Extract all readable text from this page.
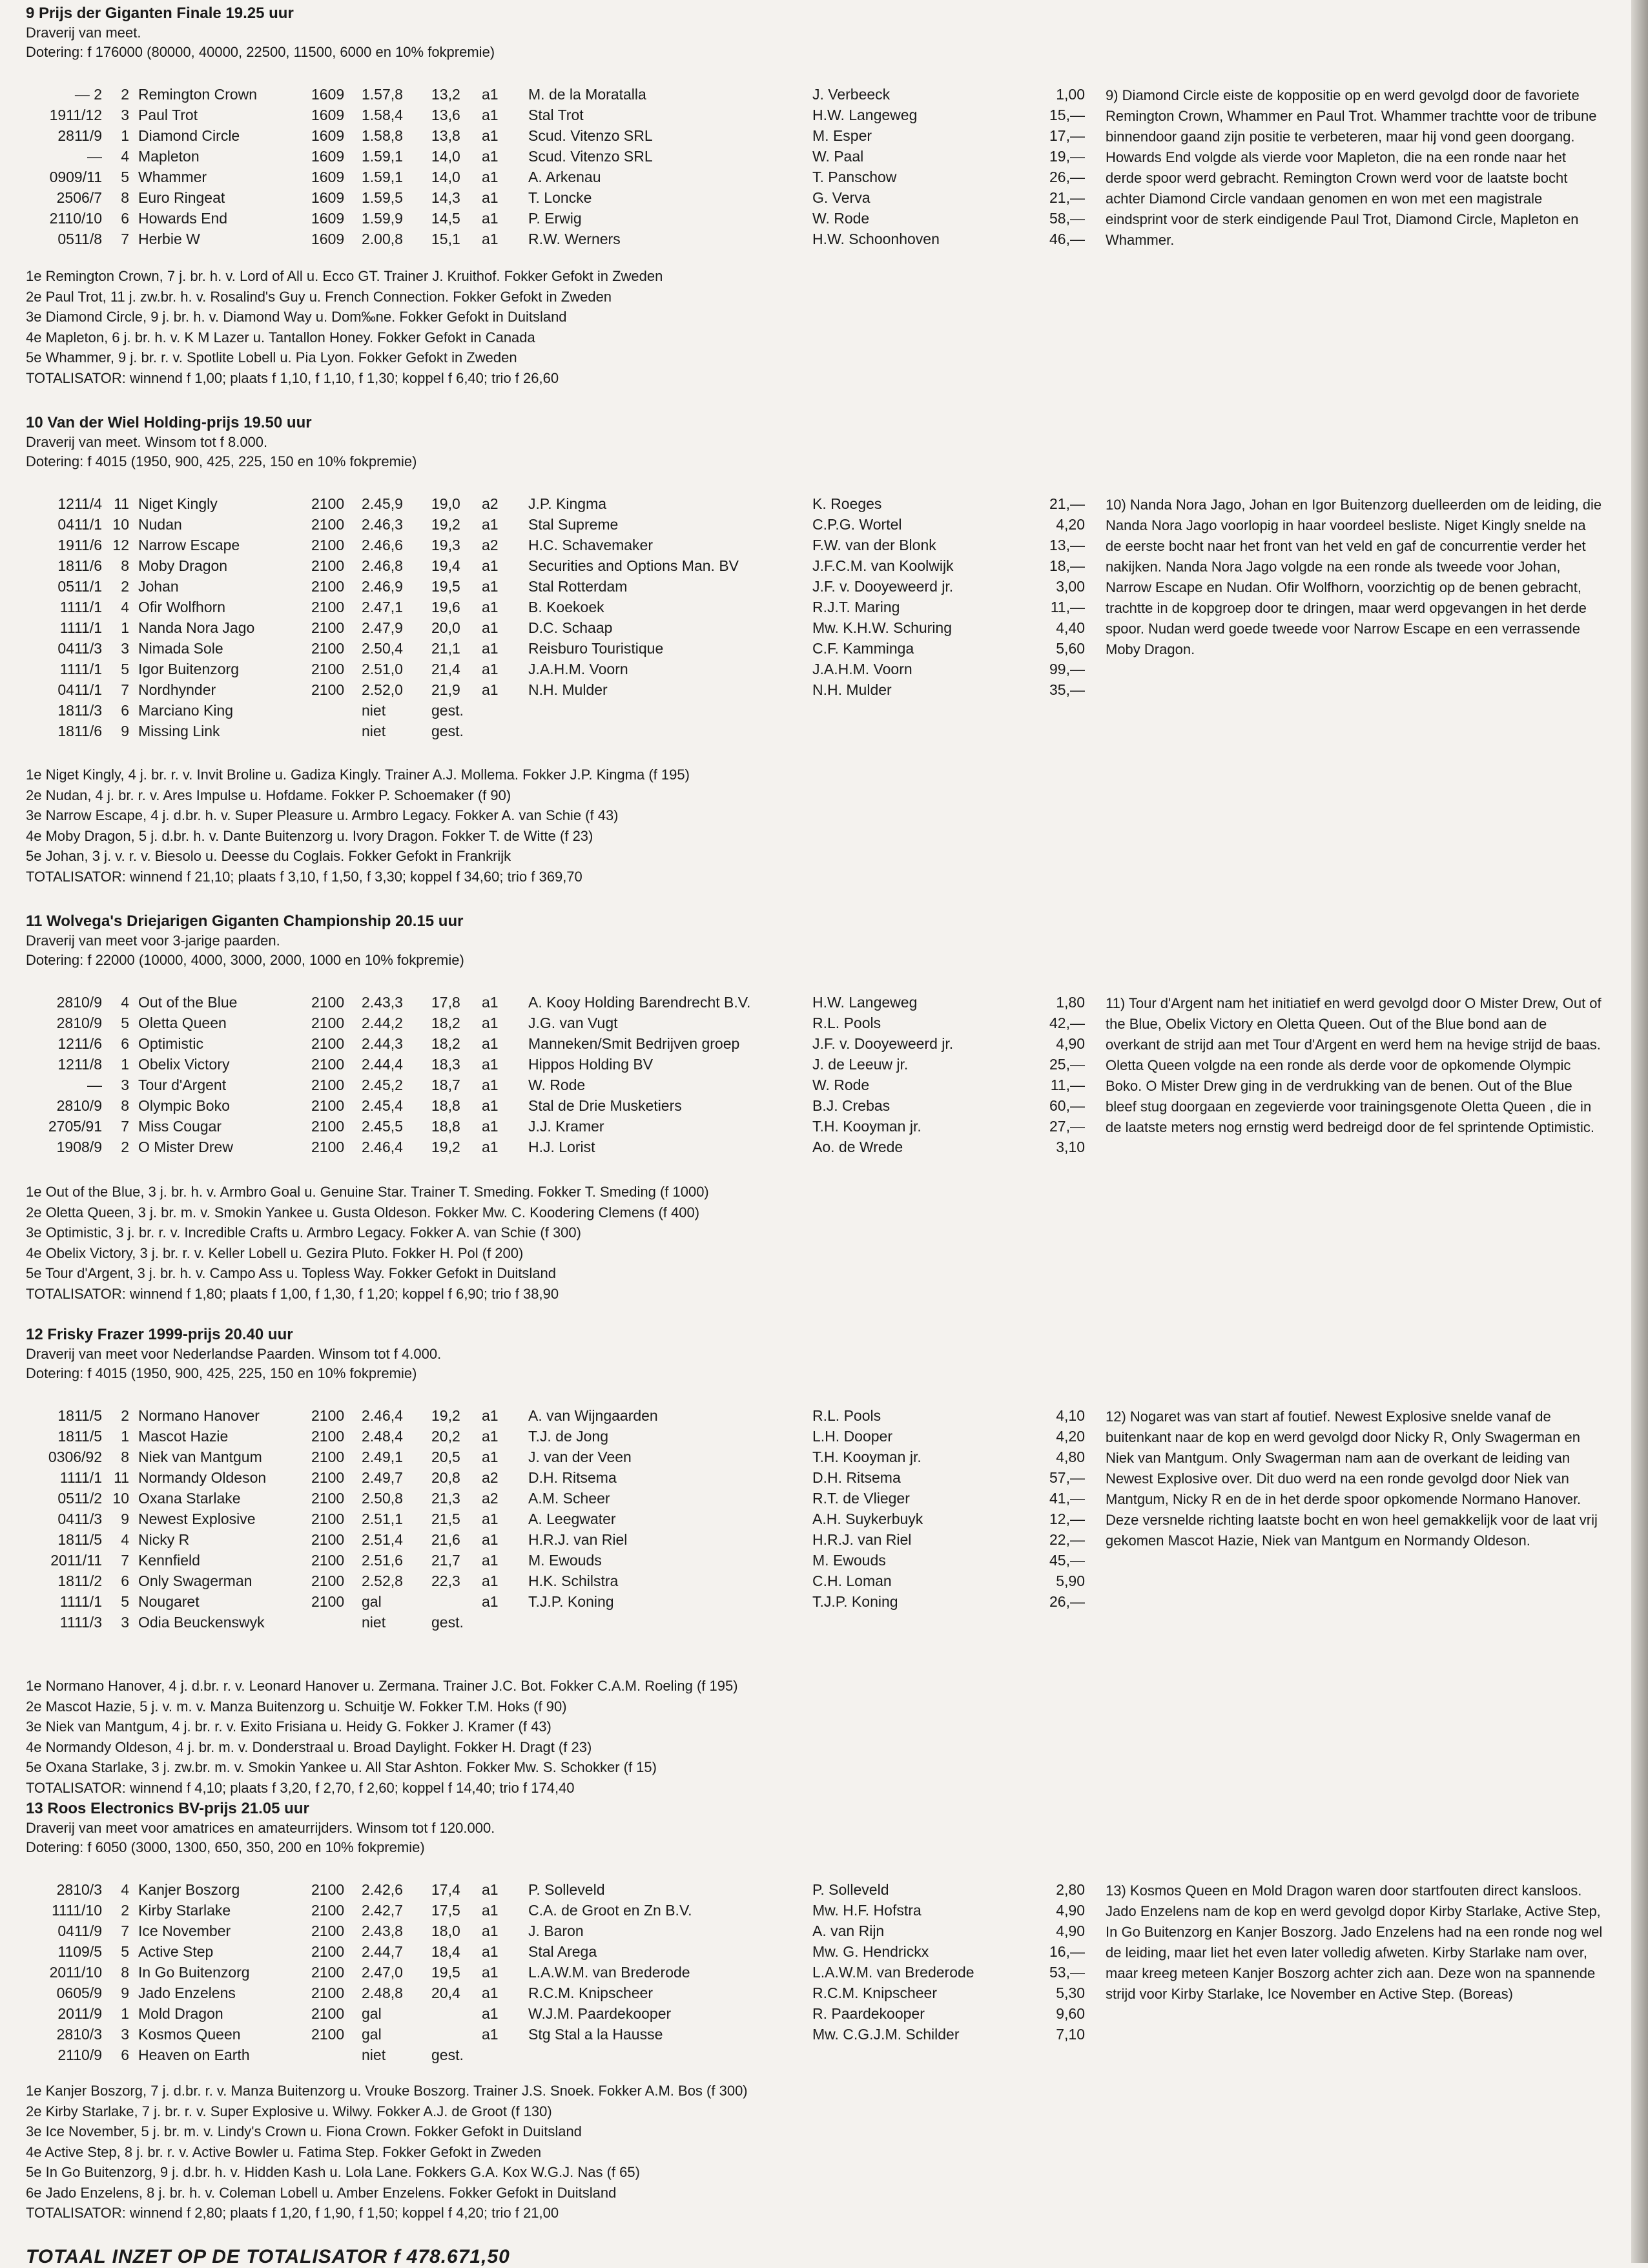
9 Prijs der Giganten Finale 19.25 uur

Draverij van meet.

Dotering: f 176000 (80000, 40000, 22500, 11500, 6000 en 10% fokpremie)

— 2	2 Remington Crown	1609 1.57,8 13,2 a1 M. de la Moratalla	J. Verbeeck	1,00
1911/12	3 Paul Trot	1609 1.58,4 13,6 a1 Stal Trot	H.W. Langeweg	15,—
2811/9	1 Diamond Circle	1609 1.58,8 13,8 a1 Scud. Vitenzo SRL	M. Esper	17,—
—	4 Mapleton	1609 1.59,1 14,0 a1 Scud. Vitenzo SRL	W. Paal	19,—
0909/11	5 Whammer	1609 1.59,1 14,0 a1 A. Arkenau	T. Panschow	26,—
2506/7	8 Euro Ringeat	1609 1.59,5 14,3 a1 T. Loncke	G. Verva	21,—
2110/10	6 Howards End	1609 1.59,9 14,5 a1 P. Erwig	W. Rode	58,—
0511/8	7 Herbie W	1609 2.00,8 15,1 a1 R.W. Werners	H.W. Schoonhoven	46,—

9) Diamond Circle eiste de koppositie op en werd gevolgd door de favoriete Remington Crown, Whammer en Paul Trot. Whammer trachtte voor de tribune binnendoor gaand zijn positie te verbeteren, maar hij vond geen doorgang. Howards End volgde als vierde voor Mapleton, die na een ronde naar het derde spoor werd gebracht. Remington Crown werd voor de laatste bocht achter Diamond Circle vandaan genomen en won met een magistrale eindsprint voor de sterk eindigende Paul Trot, Diamond Circle, Mapleton en Whammer.

1e Remington Crown, 7 j. br. h. v. Lord of All u. Ecco GT. Trainer J. Kruithof. Fokker Gefokt in Zweden

2e Paul Trot, 11 j. zw.br. h. v. Rosalind's Guy u. French Connection. Fokker Gefokt in Zweden

3e Diamond Circle, 9 j. br. h. v. Diamond Way u. Dom‰ne. Fokker Gefokt in Duitsland

4e Mapleton, 6 j. br. h. v. K M Lazer u. Tantallon Honey. Fokker Gefokt in Canada

5e Whammer, 9 j. br. r. v. Spotlite Lobell u. Pia Lyon. Fokker Gefokt in Zweden

TOTALISATOR: winnend f 1,00; plaats f 1,10, f 1,10, f 1,30; koppel f 6,40; trio f 26,60

10 Van der Wiel Holding-prijs 19.50 uur

Draverij van meet. Winsom tot f 8.000.

Dotering: f 4015 (1950, 900, 425, 225, 150 en 10% fokpremie)

1211/4 11 Niget Kingly	2100 2.45,9 19,0 a2 J.P. Kingma	K. Roeges	21,—
0411/1 10 Nudan	2100 2.46,3 19,2 a1 Stal Supreme	C.P.G. Wortel	4,20
1911/6 12 Narrow Escape	2100 2.46,6 19,3 a2 H.C. Schavemaker	F.W. van der Blonk	13,—
1811/6	8 Moby Dragon	2100 2.46,8 19,4 a1 Securities and Options Man. BV	J.F.C.M. van Koolwijk	18,—
0511/1	2 Johan	2100 2.46,9 19,5 a1 Stal Rotterdam	J.F. v. Dooyeweerd jr.	3,00
1111/1	4 Ofir Wolfhorn	2100 2.47,1 19,6 a1 B. Koekoek	R.J.T. Maring	11,—
1111/1	1 Nanda Nora Jago	2100 2.47,9 20,0 a1 D.C. Schaap	Mw. K.H.W. Schuring	4,40
0411/3	3 Nimada Sole	2100 2.50,4 21,1 a1 Reisburo Touristique	C.F. Kamminga	5,60
1111/1	5 Igor Buitenzorg	2100 2.51,0 21,4 a1 J.A.H.M. Voorn	J.A.H.M. Voorn	99,—
0411/1	7 Nordhynder	2100 2.52,0 21,9 a1 N.H. Mulder	N.H. Mulder	35,—
1811/3	6 Marciano King	niet	gest.
1811/6	9 Missing Link	niet	gest.

10) Nanda Nora Jago, Johan en Igor Buitenzorg duelleerden om de leiding, die Nanda Nora Jago voorlopig in haar voordeel besliste. Niget Kingly snelde na de eerste bocht naar het front van het veld en gaf de concurrentie verder het nakijken. Nanda Nora Jago volgde na een ronde als tweede voor Johan, Narrow Escape en Nudan. Ofir Wolfhorn, voorzichtig op de benen gebracht, trachtte in de kopgroep door te dringen, maar werd opgevangen in het derde spoor. Nudan werd goede tweede voor Narrow Escape en een verrassende Moby Dragon.

1e Niget Kingly, 4 j. br. r. v. Invit Broline u. Gadiza Kingly. Trainer A.J. Mollema. Fokker J.P. Kingma (f 195)

2e Nudan, 4 j. br. r. v. Ares Impulse u. Hofdame. Fokker P. Schoemaker (f 90)

3e Narrow Escape, 4 j. d.br. h. v. Super Pleasure u. Armbro Legacy. Fokker A. van Schie (f 43)

4e Moby Dragon, 5 j. d.br. h. v. Dante Buitenzorg u. Ivory Dragon. Fokker T. de Witte (f 23)

5e Johan, 3 j. v. r. v. Biesolo u. Deesse du Coglais. Fokker Gefokt in Frankrijk

TOTALISATOR: winnend f 21,10; plaats f 3,10, f 1,50, f 3,30; koppel f 34,60; trio f 369,70

11 Wolvega's Driejarigen Giganten Championship 20.15 uur

Draverij van meet voor 3-jarige paarden.

Dotering: f 22000 (10000, 4000, 3000, 2000, 1000 en 10% fokpremie)

2810/9	4 Out of the Blue	2100 2.43,3 17,8 a1 A. Kooy Holding Barendrecht B.V.	H.W. Langeweg	1,80
2810/9	5 Oletta Queen	2100 2.44,2 18,2 a1 J.G. van Vugt	R.L. Pools	42,—
1211/6	6 Optimistic	2100 2.44,3 18,2 a1 Manneken/Smit Bedrijven groep	J.F. v. Dooyeweerd jr.	4,90
1211/8	1 Obelix Victory	2100 2.44,4 18,3 a1 Hippos Holding BV	J. de Leeuw jr.	25,—
—	3 Tour d'Argent	2100 2.45,2 18,7 a1 W. Rode	W. Rode	11,—
2810/9	8 Olympic Boko	2100 2.45,4 18,8 a1 Stal de Drie Musketiers	B.J. Crebas	60,—
2705/91	7 Miss Cougar	2100 2.45,5 18,8 a1 J.J. Kramer	T.H. Kooyman jr.	27,—
1908/9	2 O Mister Drew	2100 2.46,4 19,2 a1 H.J. Lorist	Ao. de Wrede	3,10

11) Tour d'Argent nam het initiatief en werd gevolgd door O Mister Drew, Out of the Blue, Obelix Victory en Oletta Queen. Out of the Blue bond aan de overkant de strijd aan met Tour d'Argent en werd hem na hevige strijd de baas. Oletta Queen volgde na een ronde als derde voor de opkomende Olympic Boko. O Mister Drew ging in de verdrukking van de benen. Out of the Blue bleef stug doorgaan en zegevierde voor trainingsgenote Oletta Queen , die in de laatste meters nog ernstig werd bedreigd door de fel sprintende Optimistic.

1e Out of the Blue, 3 j. br. h. v. Armbro Goal u. Genuine Star. Trainer T. Smeding. Fokker T. Smeding (f 1000)

2e Oletta Queen, 3 j. br. m. v. Smokin Yankee u. Gusta Oldeson. Fokker Mw. C. Koodering Clemens (f 400)

3e Optimistic, 3 j. br. r. v. Incredible Crafts u. Armbro Legacy. Fokker A. van Schie (f 300)

4e Obelix Victory, 3 j. br. r. v. Keller Lobell u. Gezira Pluto. Fokker H. Pol (f 200)

5e Tour d'Argent, 3 j. br. h. v. Campo Ass u. Topless Way. Fokker Gefokt in Duitsland

TOTALISATOR: winnend f 1,80; plaats f 1,00, f 1,30, f 1,20; koppel f 6,90; trio f 38,90

12 Frisky Frazer 1999-prijs 20.40 uur

Draverij van meet voor Nederlandse Paarden. Winsom tot f 4.000.

Dotering: f 4015 (1950, 900, 425, 225, 150 en 10% fokpremie)

1811/5	2 Normano Hanover	2100 2.46,4 19,2 a1 A. van Wijngaarden	R.L. Pools	4,10
1811/5	1 Mascot Hazie	2100 2.48,4 20,2 a1 T.J. de Jong	L.H. Dooper	4,20
0306/92	8 Niek van Mantgum	2100 2.49,1 20,5 a1 J. van der Veen	T.H. Kooyman jr.	4,80
1111/1 11 Normandy Oldeson	2100 2.49,7 20,8 a2 D.H. Ritsema	D.H. Ritsema	57,—
0511/2 10 Oxana Starlake	2100 2.50,8 21,3 a2 A.M. Scheer	R.T. de Vlieger	41,—
0411/3	9 Newest Explosive	2100 2.51,1 21,5 a1 A. Leegwater	A.H. Suykerbuyk	12,—
1811/5	4 Nicky R	2100 2.51,4 21,6 a1 H.R.J. van Riel	H.R.J. van Riel	22,—
2011/11	7 Kennfield	2100 2.51,6 21,7 a1 M. Ewouds	M. Ewouds	45,—
1811/2	6 Only Swagerman	2100 2.52,8 22,3 a1 H.K. Schilstra	C.H. Loman	5,90
1111/1	5 Nougaret	2100 gal	a1 T.J.P. Koning	T.J.P. Koning	26,—
1111/3	3 Odia Beuckenswyk	niet	gest.

12) Nogaret was van start af foutief. Newest Explosive snelde vanaf de buitenkant naar de kop en werd gevolgd door Nicky R, Only Swagerman en Niek van Mantgum. Only Swagerman nam aan de overkant de leiding van Newest Explosive over. Dit duo werd na een ronde gevolgd door Niek van Mantgum, Nicky R en de in het derde spoor opkomende Normano Hanover. Deze versnelde richting laatste bocht en won heel gemakkelijk voor de laat vrij gekomen Mascot Hazie, Niek van Mantgum en Normandy Oldeson.

1e Normano Hanover, 4 j. d.br. r. v. Leonard Hanover u. Zermana. Trainer J.C. Bot. Fokker C.A.M. Roeling (f 195)

2e Mascot Hazie, 5 j. v. m. v. Manza Buitenzorg u. Schuitje W. Fokker T.M. Hoks (f 90)

3e Niek van Mantgum, 4 j. br. r. v. Exito Frisiana u. Heidy G. Fokker J. Kramer (f 43)

4e Normandy Oldeson, 4 j. br. m. v. Donderstraal u. Broad Daylight. Fokker H. Dragt (f 23)

5e Oxana Starlake, 3 j. zw.br. m. v. Smokin Yankee u. All Star Ashton. Fokker Mw. S. Schokker (f 15)

TOTALISATOR: winnend f 4,10; plaats f 3,20, f 2,70, f 2,60; koppel f 14,40; trio f 174,40

13 Roos Electronics BV-prijs 21.05 uur

Draverij van meet voor amatrices en amateurrijders. Winsom tot f 120.000.

Dotering: f 6050 (3000, 1300, 650, 350, 200 en 10% fokpremie)

2810/3	4 Kanjer Boszorg	2100 2.42,6 17,4 a1 P. Solleveld	P. Solleveld	2,80
1111/10	2 Kirby Starlake	2100 2.42,7 17,5 a1 C.A. de Groot en Zn B.V.	Mw. H.F. Hofstra	4,90
0411/9	7 Ice November	2100 2.43,8 18,0 a1 J. Baron	A. van Rijn	4,90
1109/5	5 Active Step	2100 2.44,7 18,4 a1 Stal Arega	Mw. G. Hendrickx	16,—
2011/10	8 In Go Buitenzorg	2100 2.47,0 19,5 a1 L.A.W.M. van Brederode	L.A.W.M. van Brederode	53,—
0605/9	9 Jado Enzelens	2100 2.48,8 20,4 a1 R.C.M. Knipscheer	R.C.M. Knipscheer	5,30
2011/9	1 Mold Dragon	2100 gal	a1 W.J.M. Paardekooper	R. Paardekooper	9,60
2810/3	3 Kosmos Queen	2100 gal	a1 Stg Stal a la Hausse	Mw. C.G.J.M. Schilder	7,10
2110/9	6 Heaven on Earth	niet	gest.

13) Kosmos Queen en Mold Dragon waren door startfouten direct kansloos. Jado Enzelens nam de kop en werd gevolgd dopor Kirby Starlake, Active Step, In Go Buitenzorg en Kanjer Boszorg. Jado Enzelens had na een ronde nog wel de leiding, maar liet het even later volledig afweten. Kirby Starlake nam over, maar kreeg meteen Kanjer Boszorg achter zich aan. Deze won na spannende strijd voor Kirby Starlake, Ice November en Active Step. (Boreas)

1e Kanjer Boszorg, 7 j. d.br. r. v. Manza Buitenzorg u. Vrouke Boszorg. Trainer J.S. Snoek. Fokker A.M. Bos (f 300)

2e Kirby Starlake, 7 j. br. r. v. Super Explosive u. Wilwy. Fokker A.J. de Groot (f 130)

3e Ice November, 5 j. br. m. v. Lindy's Crown u. Fiona Crown. Fokker Gefokt in Duitsland

4e Active Step, 8 j. br. r. v. Active Bowler u. Fatima Step. Fokker Gefokt in Zweden

5e In Go Buitenzorg, 9 j. d.br. h. v. Hidden Kash u. Lola Lane. Fokkers G.A. Kox W.G.J. Nas (f 65)

6e Jado Enzelens, 8 j. br. h. v. Coleman Lobell u. Amber Enzelens. Fokker Gefokt in Duitsland

TOTALISATOR: winnend f 2,80; plaats f 1,20, f 1,90, f 1,50; koppel f 4,20; trio f 21,00

TOTAAL INZET OP DE TOTALISATOR f 478.671,50
